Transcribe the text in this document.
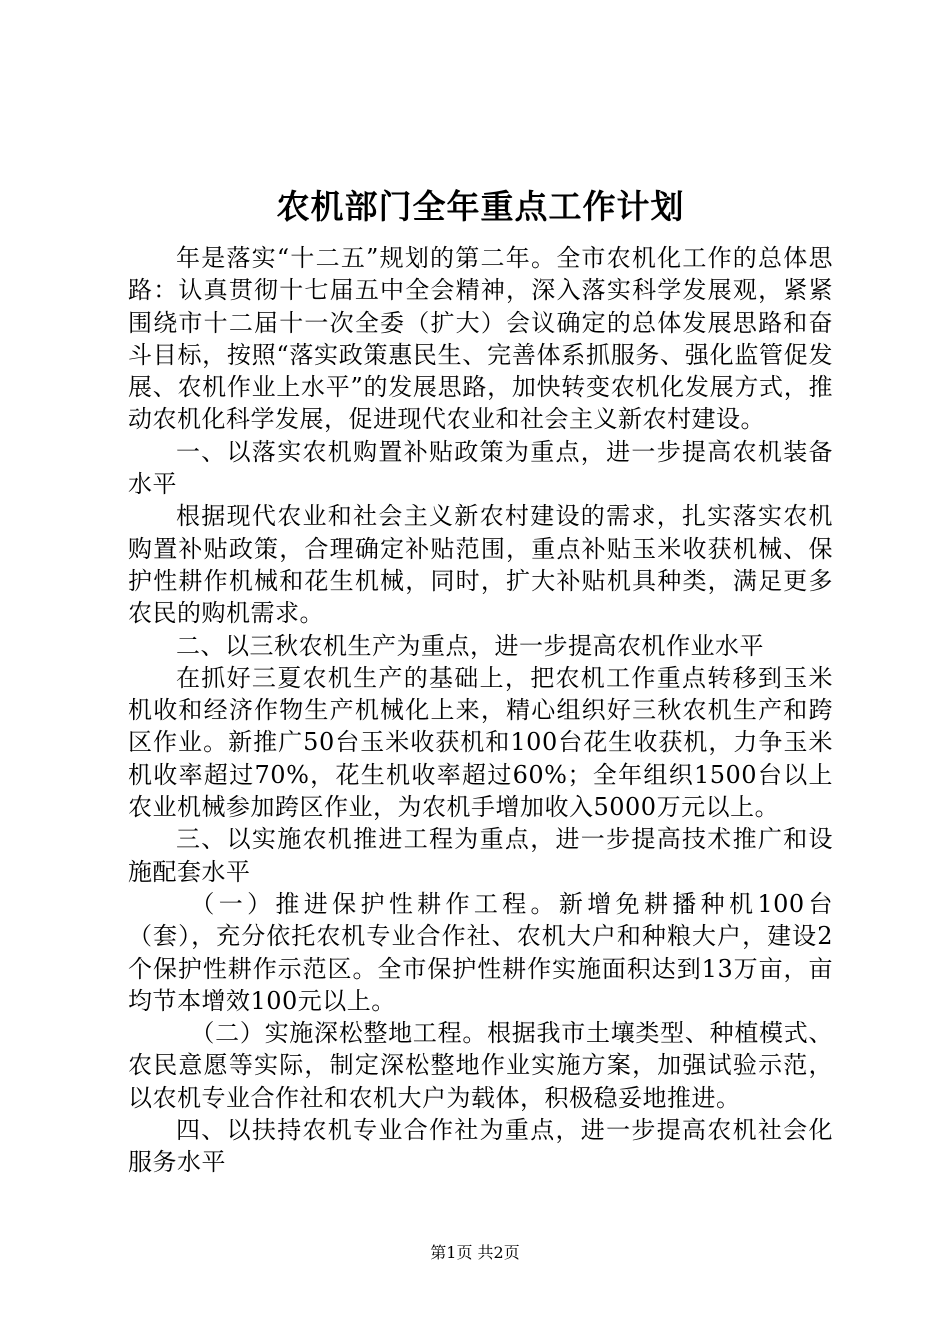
农机部门全年重点工作计划

年是落实“十二五”规划的第二年。全市农机化工作的总体思路：认真贯彻十七届五中全会精神，深入落实科学发展观，紧紧围绕市十二届十一次全委（扩大）会议确定的总体发展思路和奋斗目标，按照“落实政策惠民生、完善体系抓服务、强化监管促发展、农机作业上水平”的发展思路，加快转变农机化发展方式，推动农机化科学发展，促进现代农业和社会主义新农村建设。

一、以落实农机购置补贴政策为重点，进一步提高农机装备水平

根据现代农业和社会主义新农村建设的需求，扎实落实农机购置补贴政策，合理确定补贴范围，重点补贴玉米收获机械、保护性耕作机械和花生机械，同时，扩大补贴机具种类，满足更多农民的购机需求。

二、以三秋农机生产为重点，进一步提高农机作业水平

在抓好三夏农机生产的基础上，把农机工作重点转移到玉米机收和经济作物生产机械化上来，精心组织好三秋农机生产和跨区作业。新推广50台玉米收获机和100台花生收获机，力争玉米机收率超过70%，花生机收率超过60%；全年组织1500台以上农业机械参加跨区作业，为农机手增加收入5000万元以上。

三、以实施农机推进工程为重点，进一步提高技术推广和设施配套水平

（一）推进保护性耕作工程。新增免耕播种机100台（套），充分依托农机专业合作社、农机大户和种粮大户，建设2个保护性耕作示范区。全市保护性耕作实施面积达到13万亩，亩均节本增效100元以上。

（二）实施深松整地工程。根据我市土壤类型、种植模式、农民意愿等实际，制定深松整地作业实施方案，加强试验示范，以农机专业合作社和农机大户为载体，积极稳妥地推进。

四、以扶持农机专业合作社为重点，进一步提高农机社会化服务水平

第1页 共2页
